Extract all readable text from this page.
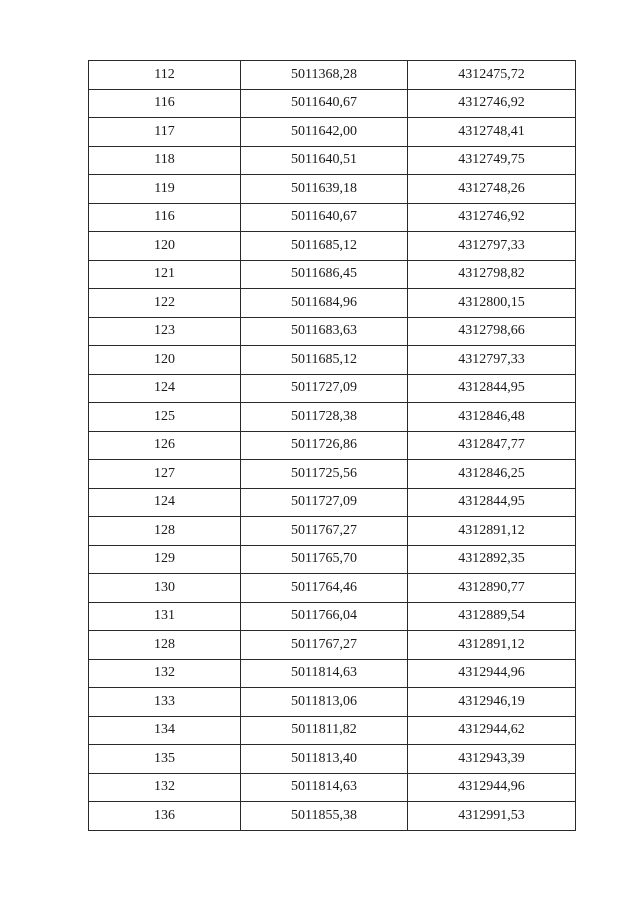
112	5011368,28	4312475,72
116	5011640,67	4312746,92
117	5011642,00	4312748,41
118	5011640,51	4312749,75
119	5011639,18	4312748,26
116	5011640,67	4312746,92
120	5011685,12	4312797,33
121	5011686,45	4312798,82
122	5011684,96	4312800,15
123	5011683,63	4312798,66
120	5011685,12	4312797,33
124	5011727,09	4312844,95
125	5011728,38	4312846,48
126	5011726,86	4312847,77
127	5011725,56	4312846,25
124	5011727,09	4312844,95
128	5011767,27	4312891,12
129	5011765,70	4312892,35
130	5011764,46	4312890,77
131	5011766,04	4312889,54
128	5011767,27	4312891,12
132	5011814,63	4312944,96
133	5011813,06	4312946,19
134	5011811,82	4312944,62
135	5011813,40	4312943,39
132	5011814,63	4312944,96
136	5011855,38	4312991,53
